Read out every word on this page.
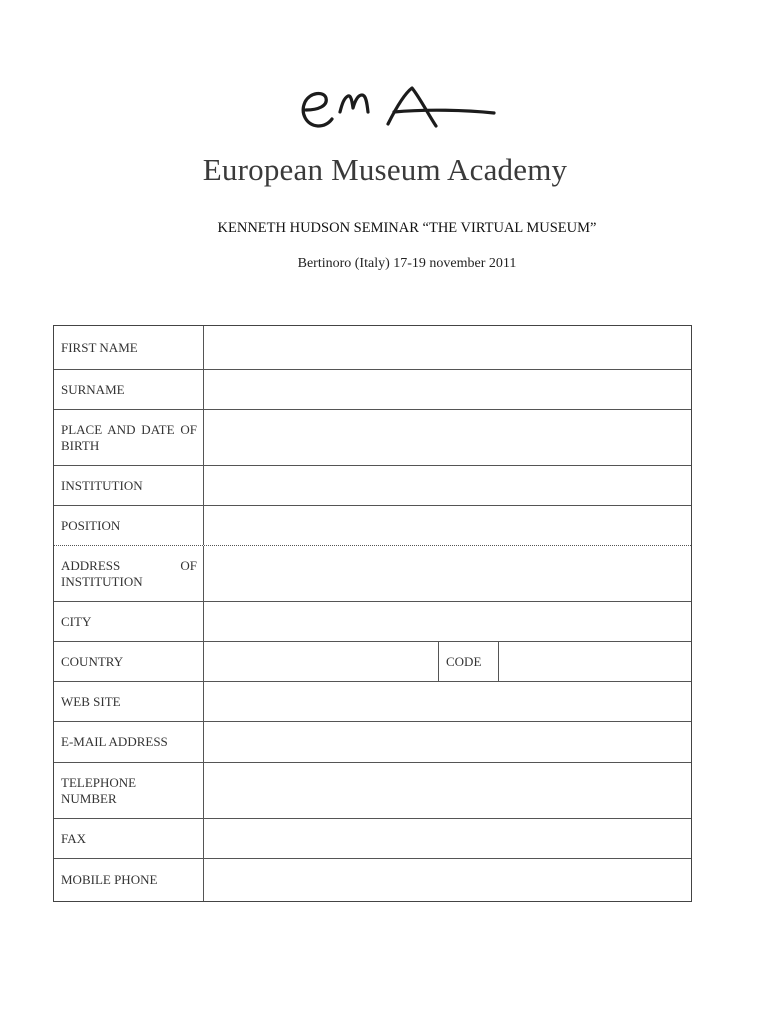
European Museum Academy
KENNETH HUDSON SEMINAR “THE VIRTUAL MUSEUM”
Bertinoro (Italy) 17-19 november 2011
FIRST NAME
SURNAME
PLACE AND DATE OF BIRTH
INSTITUTION
POSITION
ADDRESS OF INSTITUTION
CITY
COUNTRY	CODE
WEB SITE
E-MAIL ADDRESS
TELEPHONE NUMBER
FAX
MOBILE PHONE
